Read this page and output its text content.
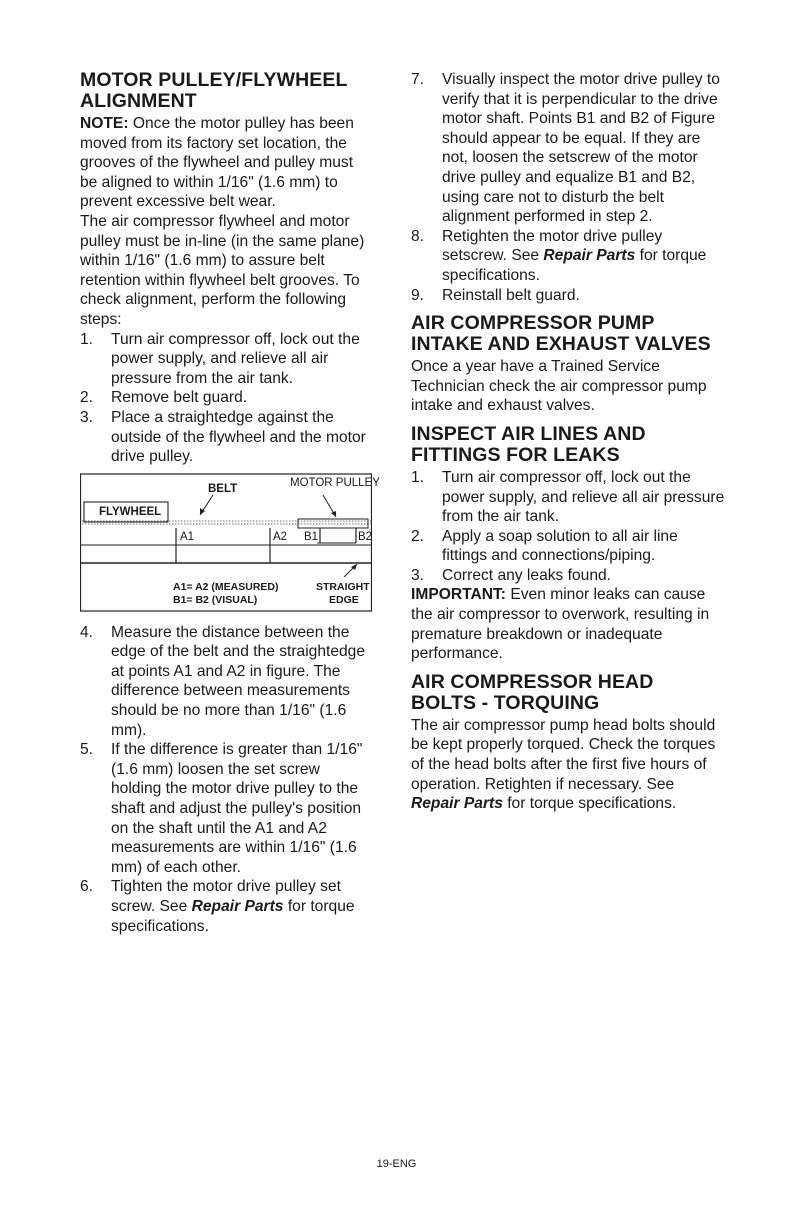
MOTOR PULLEY/FLYWHEEL
ALIGNMENT

NOTE: Once the motor pulley has been moved from its factory set location, the grooves of the flywheel and pulley must be aligned to within 1/16" (1.6 mm) to prevent excessive belt wear.

The air compressor flywheel and motor pulley must be in-line (in the same plane) within 1/16" (1.6 mm) to assure belt retention within flywheel belt grooves. To check alignment, perform the following steps:

1. Turn air compressor off, lock out the power supply, and relieve all air pressure from the air tank.
2. Remove belt guard.
3. Place a straightedge against the outside of the flywheel and the motor drive pulley.
BELT	MOTOR PULLEY
FLYWHEEL
A1	A2 B1	B2
A1= A2 (MEASURED)
B1= B2 (VISUAL)
STRAIGHT
EDGE
4. Measure the distance between the edge of the belt and the straightedge at points A1 and A2 in figure. The difference between measurements should be no more than 1/16" (1.6 mm).
5. If the difference is greater than 1/16" (1.6 mm) loosen the set screw holding the motor drive pulley to the shaft and adjust the pulley's position on the shaft until the A1 and A2 measurements are within 1/16" (1.6 mm) of each other.
6. Tighten the motor drive pulley set screw. See Repair Parts for torque specifications.
7. Visually inspect the motor drive pulley to verify that it is perpendicular to the drive motor shaft. Points B1 and B2 of Figure should appear to be equal. If they are not, loosen the setscrew of the motor drive pulley and equalize B1 and B2, using care not to disturb the belt alignment performed in step 2.
8. Retighten the motor drive pulley setscrew. See Repair Parts for torque specifications.
9. Reinstall belt guard.
AIR COMPRESSOR PUMP
INTAKE AND EXHAUST VALVES

Once a year have a Trained Service Technician check the air compressor pump intake and exhaust valves.

INSPECT AIR LINES AND
FITTINGS FOR LEAKS
1. Turn air compressor off, lock out the power supply, and relieve all air pressure from the air tank.
2. Apply a soap solution to all air line fittings and connections/piping.
3. Correct any leaks found.

IMPORTANT: Even minor leaks can cause the air compressor to overwork, resulting in premature breakdown or inadequate performance.

AIR COMPRESSOR HEAD
BOLTS - TORQUING

The air compressor pump head bolts should be kept properly torqued. Check the torques of the head bolts after the first five hours of operation. Retighten if necessary. See Repair Parts for torque specifications.

19-ENG
